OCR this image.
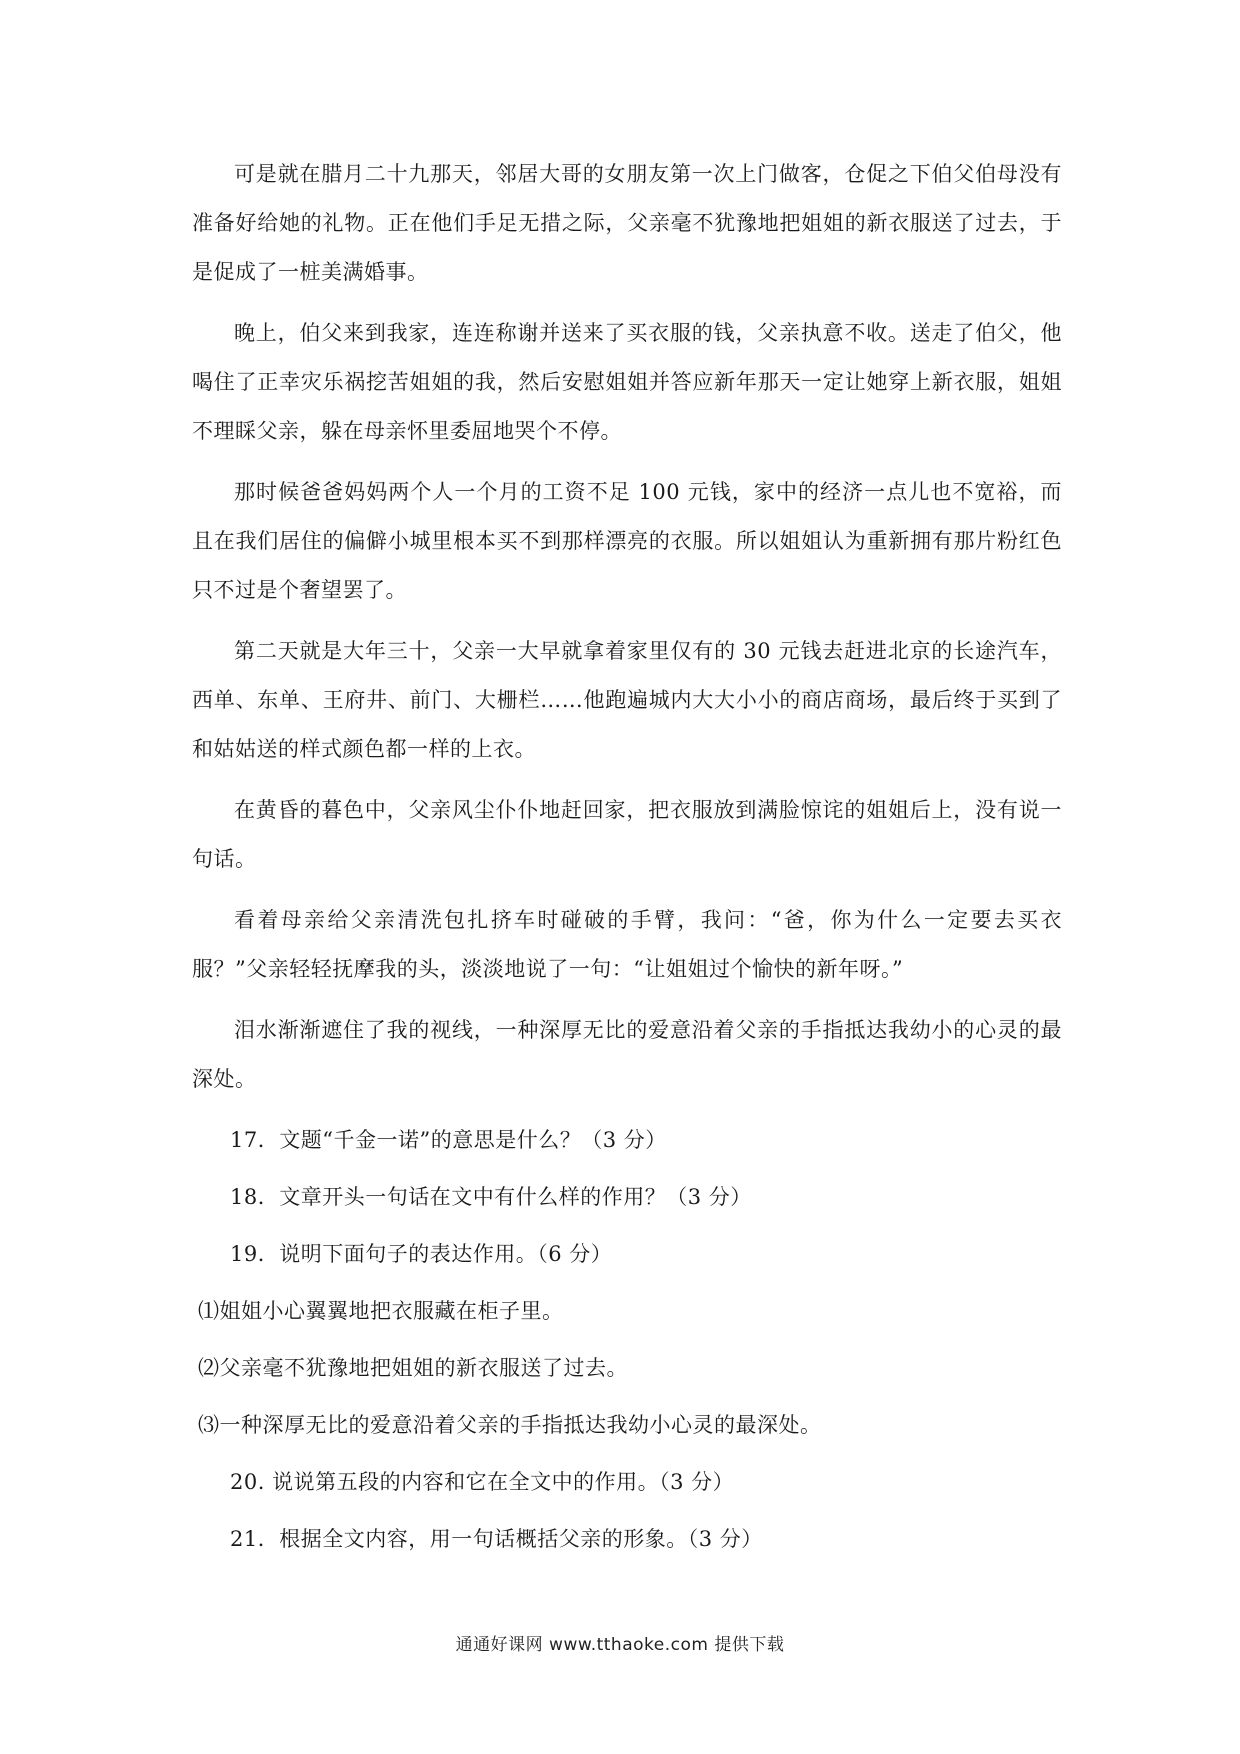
可是就在腊月二十九那天，邻居大哥的女朋友第一次上门做客，仓促之下伯父伯母没有准备好给她的礼物。正在他们手足无措之际，父亲毫不犹豫地把姐姐的新衣服送了过去，于是促成了一桩美满婚事。

晚上，伯父来到我家，连连称谢并送来了买衣服的钱，父亲执意不收。送走了伯父，他喝住了正幸灾乐祸挖苦姐姐的我，然后安慰姐姐并答应新年那天一定让她穿上新衣服，姐姐不理睬父亲，躲在母亲怀里委屈地哭个不停。

那时候爸爸妈妈两个人一个月的工资不足 100 元钱，家中的经济一点儿也不宽裕，而且在我们居住的偏僻小城里根本买不到那样漂亮的衣服。所以姐姐认为重新拥有那片粉红色只不过是个奢望罢了。

第二天就是大年三十，父亲一大早就拿着家里仅有的 30 元钱去赶进北京的长途汽车，西单、东单、王府井、前门、大栅栏……他跑遍城内大大小小的商店商场，最后终于买到了和姑姑送的样式颜色都一样的上衣。

在黄昏的暮色中，父亲风尘仆仆地赶回家，把衣服放到满脸惊诧的姐姐后上，没有说一句话。

看着母亲给父亲清洗包扎挤车时碰破的手臂，我问：“爸，你为什么一定要去买衣服？”父亲轻轻抚摩我的头，淡淡地说了一句：“让姐姐过个愉快的新年呀。”

泪水渐渐遮住了我的视线，一种深厚无比的爱意沿着父亲的手指抵达我幼小的心灵的最深处。

17．文题“千金一诺”的意思是什么？（3 分）

18．文章开头一句话在文中有什么样的作用？（3 分）

19．说明下面句子的表达作用。（6 分）

⑴姐姐小心翼翼地把衣服藏在柜子里。

⑵父亲毫不犹豫地把姐姐的新衣服送了过去。

⑶一种深厚无比的爱意沿着父亲的手指抵达我幼小心灵的最深处。

20. 说说第五段的内容和它在全文中的作用。（3 分）

21．根据全文内容，用一句话概括父亲的形象。（3 分）

通通好课网 www.tthaoke.com 提供下载
